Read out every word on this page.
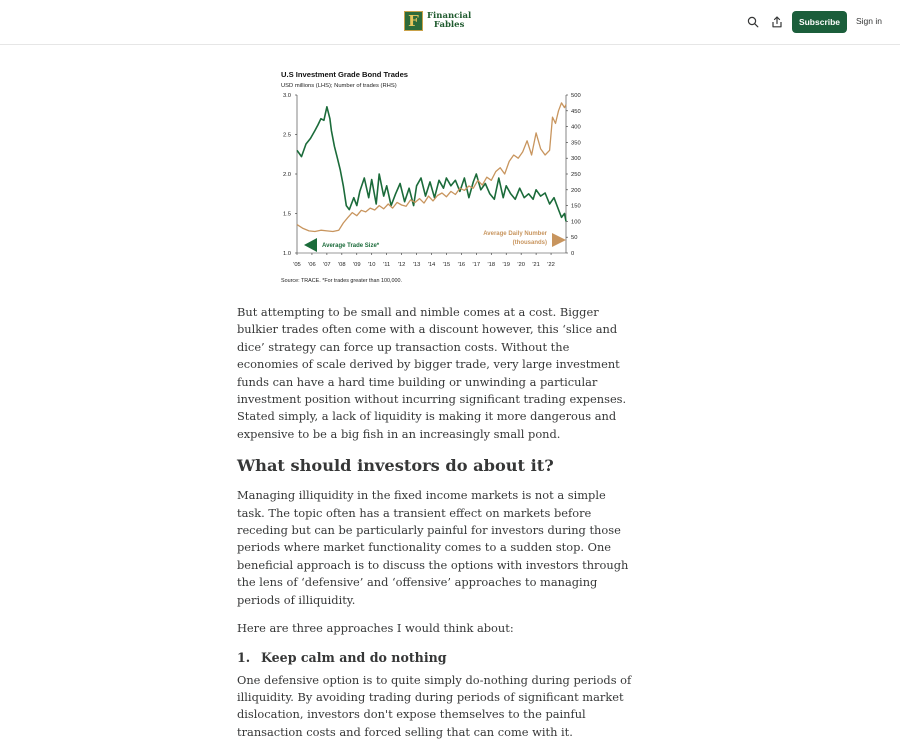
F Financial
Fables	Subscribe	Sign in
U.S Investment Grade Bond Trades
USD millions (LHS); Number of trades (RHS)
1.0
1.5
2.0
2.5
3.0
0
50
100
150
200
250
300
350
400
450
500
'05 '06 '07 '08 '09 '10 '11 '12 '13 '14 '15 '16 '17 '18 '19 '20 '21 '22
Average Trade Size*
Average Daily Number
(thousands)
Source: TRACE. *For trades greater than 100,000.

But attempting to be small and nimble comes at a cost. Bigger bulkier trades often come with a discount however, this ‘slice and dice’ strategy can force up transaction costs. Without the economies of scale derived by bigger trade, very large investment funds can have a hard time building or unwinding a particular investment position without incurring significant trading expenses. Stated simply, a lack of liquidity is making it more dangerous and expensive to be a big fish in an increasingly small pond.

What should investors do about it?

Managing illiquidity in the fixed income markets is not a simple task. The topic often has a transient effect on markets before receding but can be particularly painful for investors during those periods where market functionality comes to a sudden stop. One beneficial approach is to discuss the options with investors through the lens of ‘defensive’ and ‘offensive’ approaches to managing periods of illiquidity.

Here are three approaches I would think about:

1. Keep calm and do nothing

One defensive option is to quite simply do-nothing during periods of illiquidity. By avoiding trading during periods of significant market dislocation, investors don't expose themselves to the painful transaction costs and forced selling that can come with it.
